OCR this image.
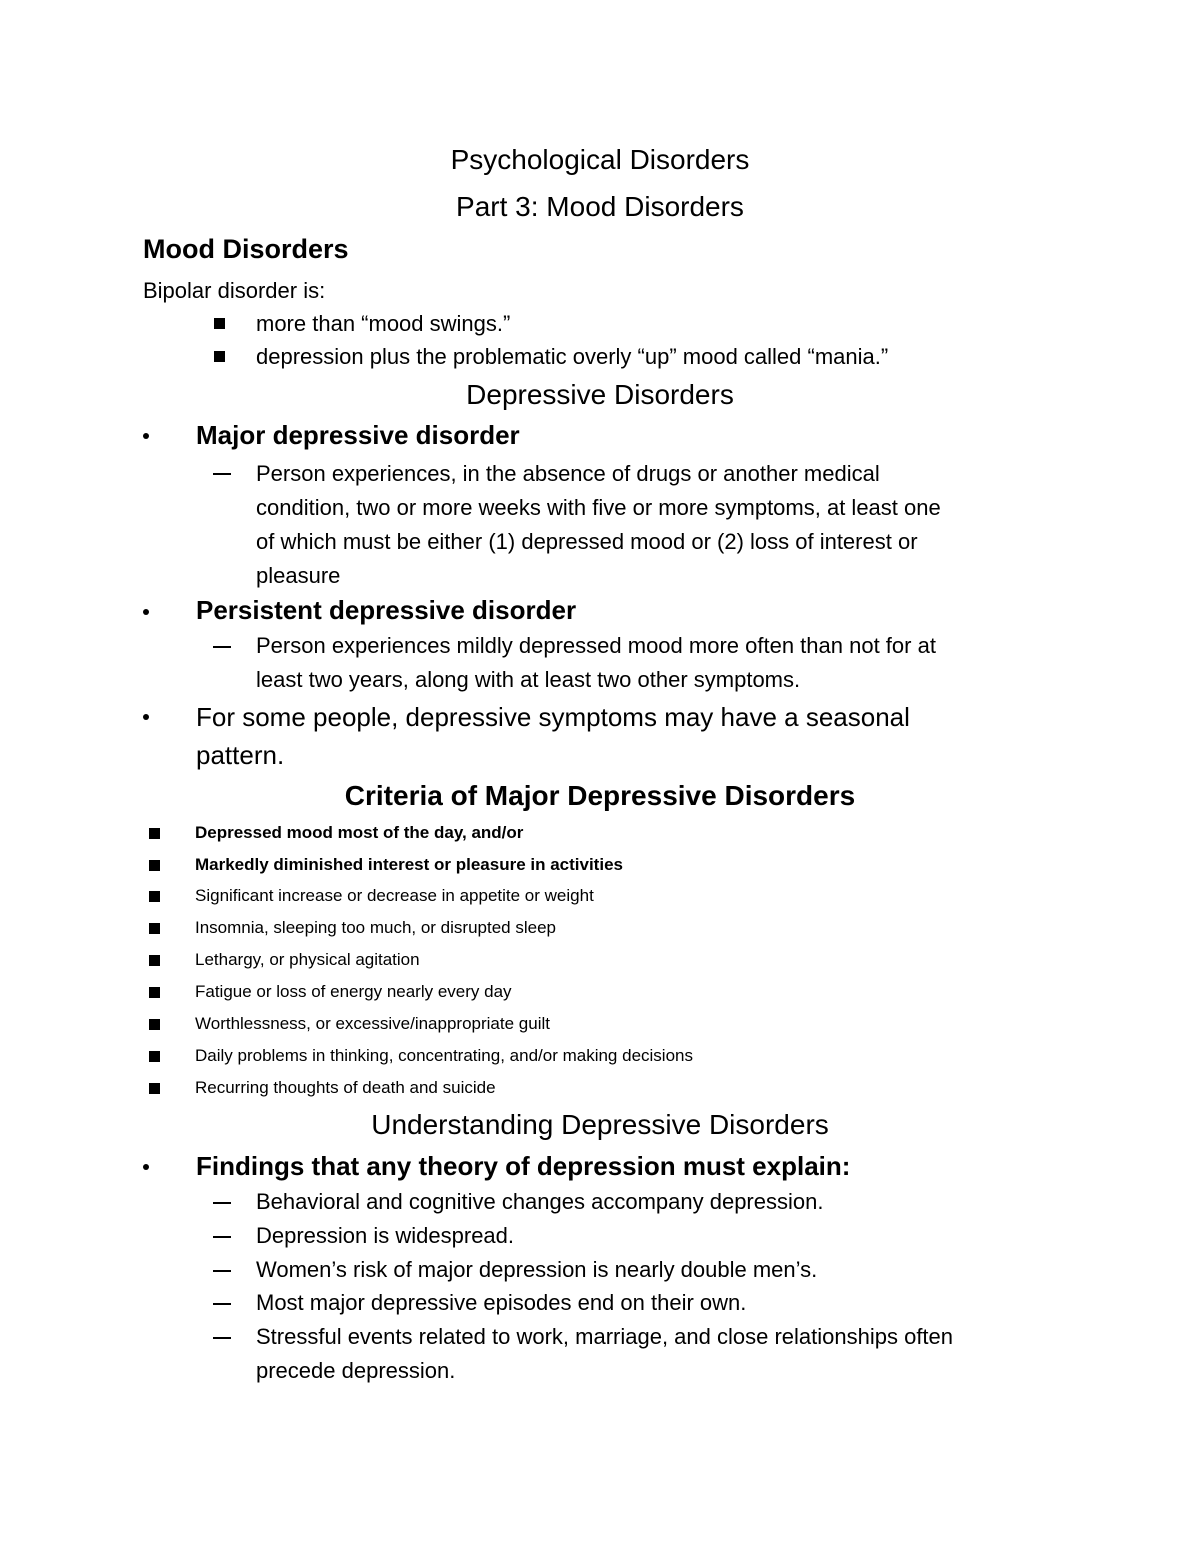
Psychological Disorders
Part 3: Mood Disorders
Mood Disorders
Bipolar disorder is:
more than “mood swings.”
depression plus the problematic overly “up” mood called “mania.”
Depressive Disorders
Major depressive disorder
Person experiences, in the absence of drugs or another medical
condition, two or more weeks with five or more symptoms, at least one
of which must be either (1) depressed mood or (2) loss of interest or
pleasure
Persistent depressive disorder
Person experiences mildly depressed mood more often than not for at
least two years, along with at least two other symptoms.
For some people, depressive symptoms may have a seasonal
pattern.
Criteria of Major Depressive Disorders
Depressed mood most of the day, and/or
Markedly diminished interest or pleasure in activities
Significant increase or decrease in appetite or weight
Insomnia, sleeping too much, or disrupted sleep
Lethargy, or physical agitation
Fatigue or loss of energy nearly every day
Worthlessness, or excessive/inappropriate guilt
Daily problems in thinking, concentrating, and/or making decisions
Recurring thoughts of death and suicide
Understanding Depressive Disorders
Findings that any theory of depression must explain:
Behavioral and cognitive changes accompany depression.
Depression is widespread.
Women’s risk of major depression is nearly double men’s.
Most major depressive episodes end on their own.
Stressful events related to work, marriage, and close relationships often
precede depression.
